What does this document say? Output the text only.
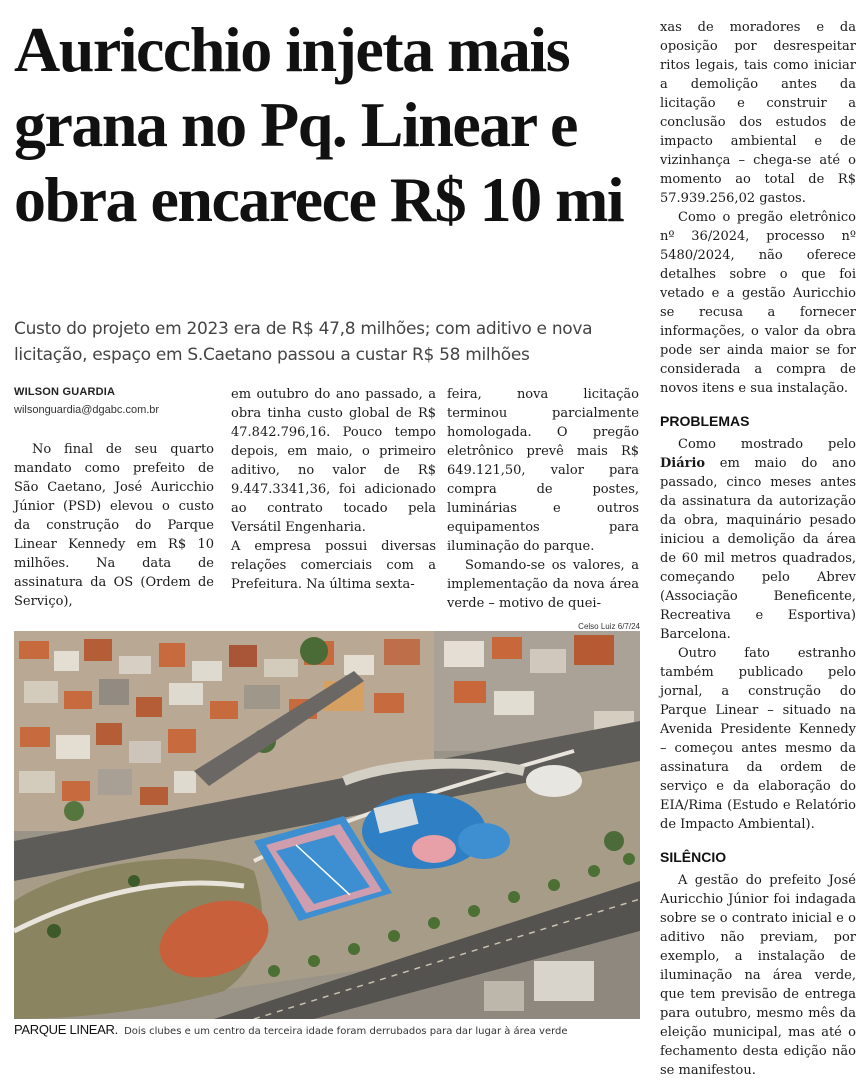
Auricchio injeta mais grana no Pq. Linear e obra encarece R$ 10 mi

Custo do projeto em 2023 era de R$ 47,8 milhões; com aditivo e nova licitação, espaço em S.Caetano passou a custar R$ 58 milhões

WILSON GUARDIA
wilsonguardia@dgabc.com.br

No final de seu quarto mandato como prefeito de São Caetano, José Auricchio Júnior (PSD) elevou o custo da construção do Parque Linear Kennedy em R$ 10 milhões. Na data de assinatura da OS (Ordem de Serviço),

em outubro do ano passado, a obra tinha custo global de R$ 47.842.796,16. Pouco tempo depois, em maio, o primeiro aditivo, no valor de R$ 9.447.3341,36, foi adicionado ao contrato tocado pela Versátil Engenharia.

A empresa possui diversas relações comerciais com a Prefeitura. Na última sexta-

feira, nova licitação terminou parcialmente homologada. O pregão eletrônico prevê mais R$ 649.121,50, valor para compra de postes, luminárias e outros equipamentos para iluminação do parque.

Somando-se os valores, a implementação da nova área verde – motivo de quei-

xas de moradores e da oposição por desrespeitar ritos legais, tais como iniciar a demolição antes da licitação e construir a conclusão dos estudos de impacto ambiental e de vizinhança – chega-se até o momento ao total de R$ 57.939.256,02 gastos.

Como o pregão eletrônico nº 36/2024, processo nº 5480/2024, não oferece detalhes sobre o que foi vetado e a gestão Auricchio se recusa a fornecer informações, o valor da obra pode ser ainda maior se for considerada a compra de novos itens e sua instalação.

PROBLEMAS

Como mostrado pelo Diário em maio do ano passado, cinco meses antes da assinatura da autorização da obra, maquinário pesado iniciou a demolição da área de 60 mil metros quadrados, começando pelo Abrev (Associação Beneficente, Recreativa e Esportiva) Barcelona.

Outro fato estranho também publicado pelo jornal, a construção do Parque Linear – situado na Avenida Presidente Kennedy – começou antes mesmo da assinatura da ordem de serviço e da elaboração do EIA/Rima (Estudo e Relatório de Impacto Ambiental).

SILÊNCIO

A gestão do prefeito José Auricchio Júnior foi indagada sobre se o contrato inicial e o aditivo não previam, por exemplo, a instalação de iluminação na área verde, que tem previsão de entrega para outubro, mesmo mês da eleição municipal, mas até o fechamento desta edição não se manifestou.

Celso Luiz 6/7/24
PARQUE LINEAR. Dois clubes e um centro da terceira idade foram derrubados para dar lugar à área verde
